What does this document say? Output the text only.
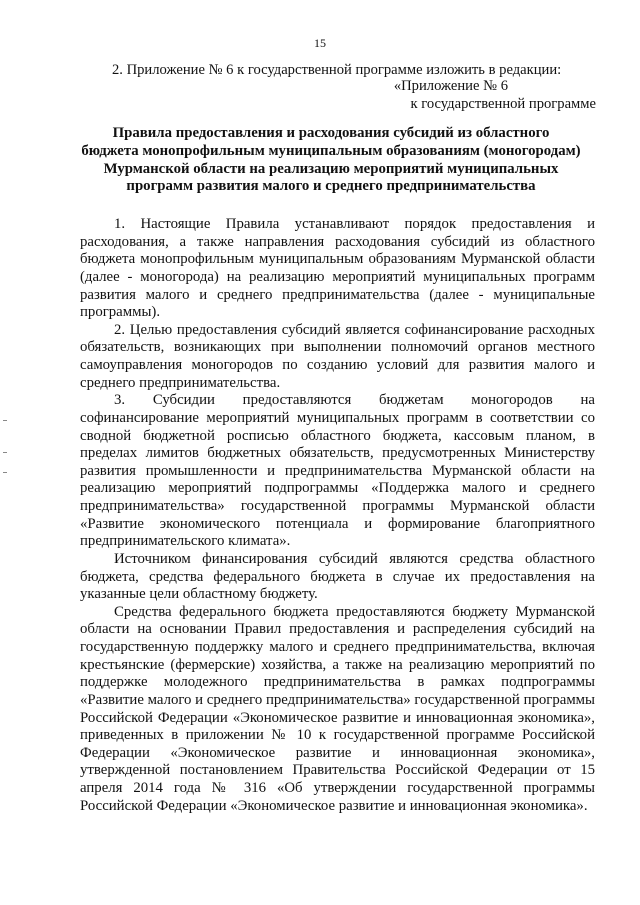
15
2. Приложение № 6 к государственной программе изложить в редакции:
«Приложение № 6
к государственной программе
Правила предоставления и расходования субсидий из областного
бюджета монопрофильным муниципальным образованиям (моногородам)
Мурманской области на реализацию мероприятий муниципальных
программ развития малого и среднего предпринимательства

1. Настоящие Правила устанавливают порядок предоставления и расходования, а также направления расходования субсидий из областного бюджета монопрофильным муниципальным образованиям Мурманской области (далее - моногорода) на реализацию мероприятий муниципальных программ развития малого и среднего предпринимательства (далее - муниципальные программы).

2. Целью предоставления субсидий является софинансирование расходных обязательств, возникающих при выполнении полномочий органов местного самоуправления моногородов по созданию условий для развития малого и среднего предпринимательства.

3. Субсидии предоставляются бюджетам моногородов на софинансирование мероприятий муниципальных программ в соответствии со сводной бюджетной росписью областного бюджета, кассовым планом, в пределах лимитов бюджетных обязательств, предусмотренных Министерству развития промышленности и предпринимательства Мурманской области на реализацию мероприятий подпрограммы «Поддержка малого и среднего предпринимательства» государственной программы Мурманской области «Развитие экономического потенциала и формирование благоприятного предпринимательского климата».

Источником финансирования субсидий являются средства областного бюджета, средства федерального бюджета в случае их предоставления на указанные цели областному бюджету.

Средства федерального бюджета предоставляются бюджету Мурманской области на основании Правил предоставления и распределения субсидий на государственную поддержку малого и среднего предпринимательства, включая крестьянские (фермерские) хозяйства, а также на реализацию мероприятий по поддержке молодежного предпринимательства в рамках подпрограммы «Развитие малого и среднего предпринимательства» государственной программы Российской Федерации «Экономическое развитие и инновационная экономика», приведенных в приложении № 10 к государственной программе Российской Федерации «Экономическое развитие и инновационная экономика», утвержденной постановлением Правительства Российской Федерации от 15 апреля 2014 года № 316 «Об утверждении государственной программы Российской Федерации «Экономическое развитие и инновационная экономика».
